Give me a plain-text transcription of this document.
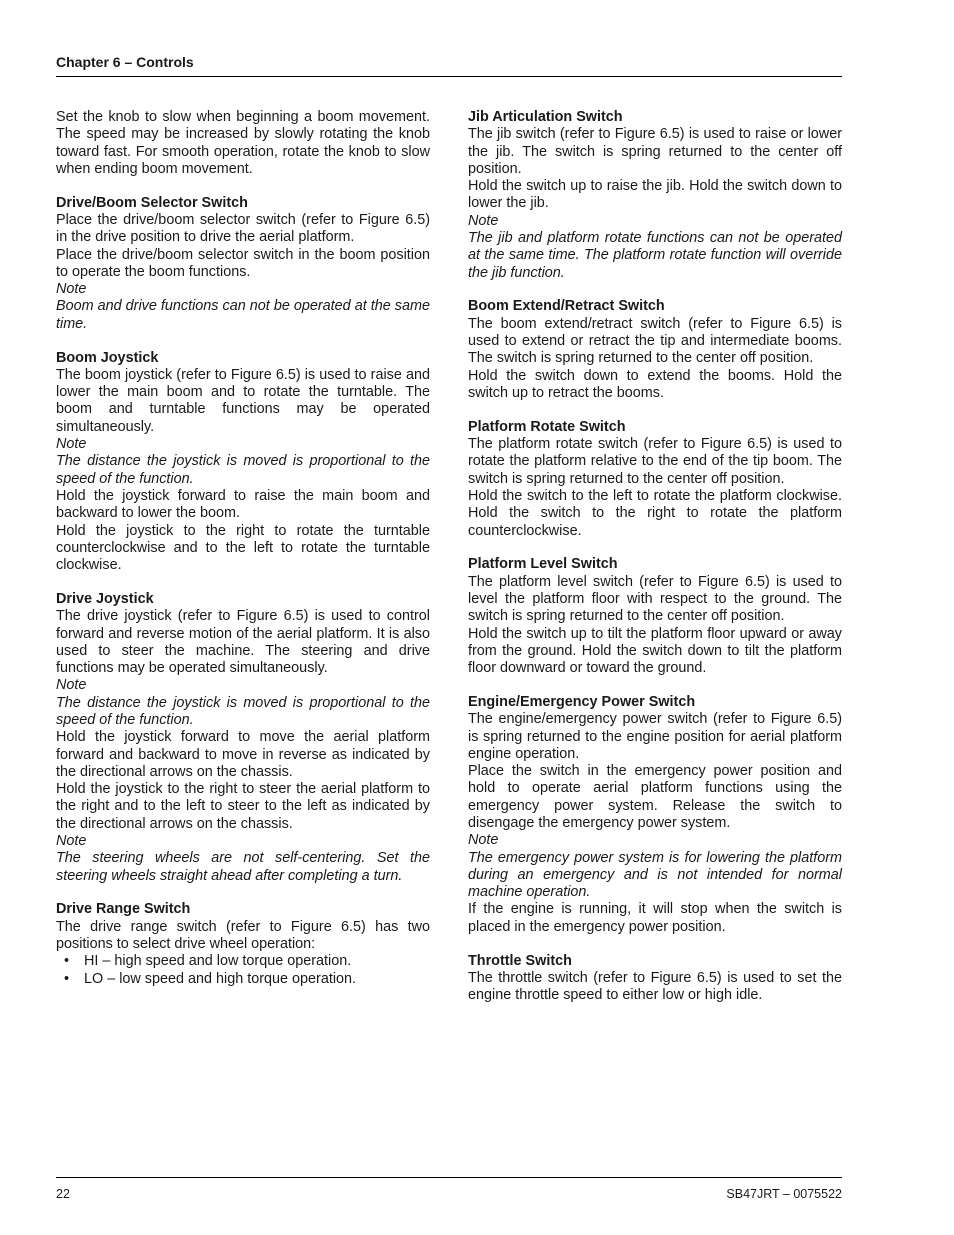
Chapter 6 – Controls

Set the knob to slow when beginning a boom movement. The speed may be increased by slowly rotating the knob toward fast. For smooth operation, rotate the knob to slow when ending boom movement.

Drive/Boom Selector Switch

Place the drive/boom selector switch (refer to Figure 6.5) in the drive position to drive the aerial platform.

Place the drive/boom selector switch in the boom position to operate the boom functions.

Note

Boom and drive functions can not be operated at the same time.

Boom Joystick

The boom joystick (refer to Figure 6.5) is used to raise and lower the main boom and to rotate the turntable. The boom and turntable functions may be operated simultaneously.

Note

The distance the joystick is moved is proportional to the speed of the function.

Hold the joystick forward to raise the main boom and backward to lower the boom.

Hold the joystick to the right to rotate the turntable counterclockwise and to the left to rotate the turntable clockwise.

Drive Joystick

The drive joystick (refer to Figure 6.5) is used to control forward and reverse motion of the aerial platform. It is also used to steer the machine. The steering and drive functions may be operated simultaneously.

Note

The distance the joystick is moved is proportional to the speed of the function.

Hold the joystick forward to move the aerial platform forward and backward to move in reverse as indicated by the directional arrows on the chassis.

Hold the joystick to the right to steer the aerial platform to the right and to the left to steer to the left as indicated by the directional arrows on the chassis.

Note

The steering wheels are not self-centering. Set the steering wheels straight ahead after completing a turn.

Drive Range Switch

The drive range switch (refer to Figure 6.5) has two positions to select drive wheel operation:

• HI – high speed and low torque operation.
• LO – low speed and high torque operation.
Jib Articulation Switch

The jib switch (refer to Figure 6.5) is used to raise or lower the jib. The switch is spring returned to the center off position.

Hold the switch up to raise the jib. Hold the switch down to lower the jib.

Note

The jib and platform rotate functions can not be operated at the same time. The platform rotate function will override the jib function.

Boom Extend/Retract Switch

The boom extend/retract switch (refer to Figure 6.5) is used to extend or retract the tip and intermediate booms. The switch is spring returned to the center off position.

Hold the switch down to extend the booms. Hold the switch up to retract the booms.

Platform Rotate Switch

The platform rotate switch (refer to Figure 6.5) is used to rotate the platform relative to the end of the tip boom. The switch is spring returned to the center off position.

Hold the switch to the left to rotate the platform clockwise. Hold the switch to the right to rotate the platform counterclockwise.

Platform Level Switch

The platform level switch (refer to Figure 6.5) is used to level the platform floor with respect to the ground. The switch is spring returned to the center off position.

Hold the switch up to tilt the platform floor upward or away from the ground. Hold the switch down to tilt the platform floor downward or toward the ground.

Engine/Emergency Power Switch

The engine/emergency power switch (refer to Figure 6.5) is spring returned to the engine position for aerial platform engine operation.

Place the switch in the emergency power position and hold to operate aerial platform functions using the emergency power system. Release the switch to disengage the emergency power system.

Note

The emergency power system is for lowering the platform during an emergency and is not intended for normal machine operation.

If the engine is running, it will stop when the switch is placed in the emergency power position.

Throttle Switch

The throttle switch (refer to Figure 6.5) is used to set the engine throttle speed to either low or high idle.

22	SB47JRT – 0075522
